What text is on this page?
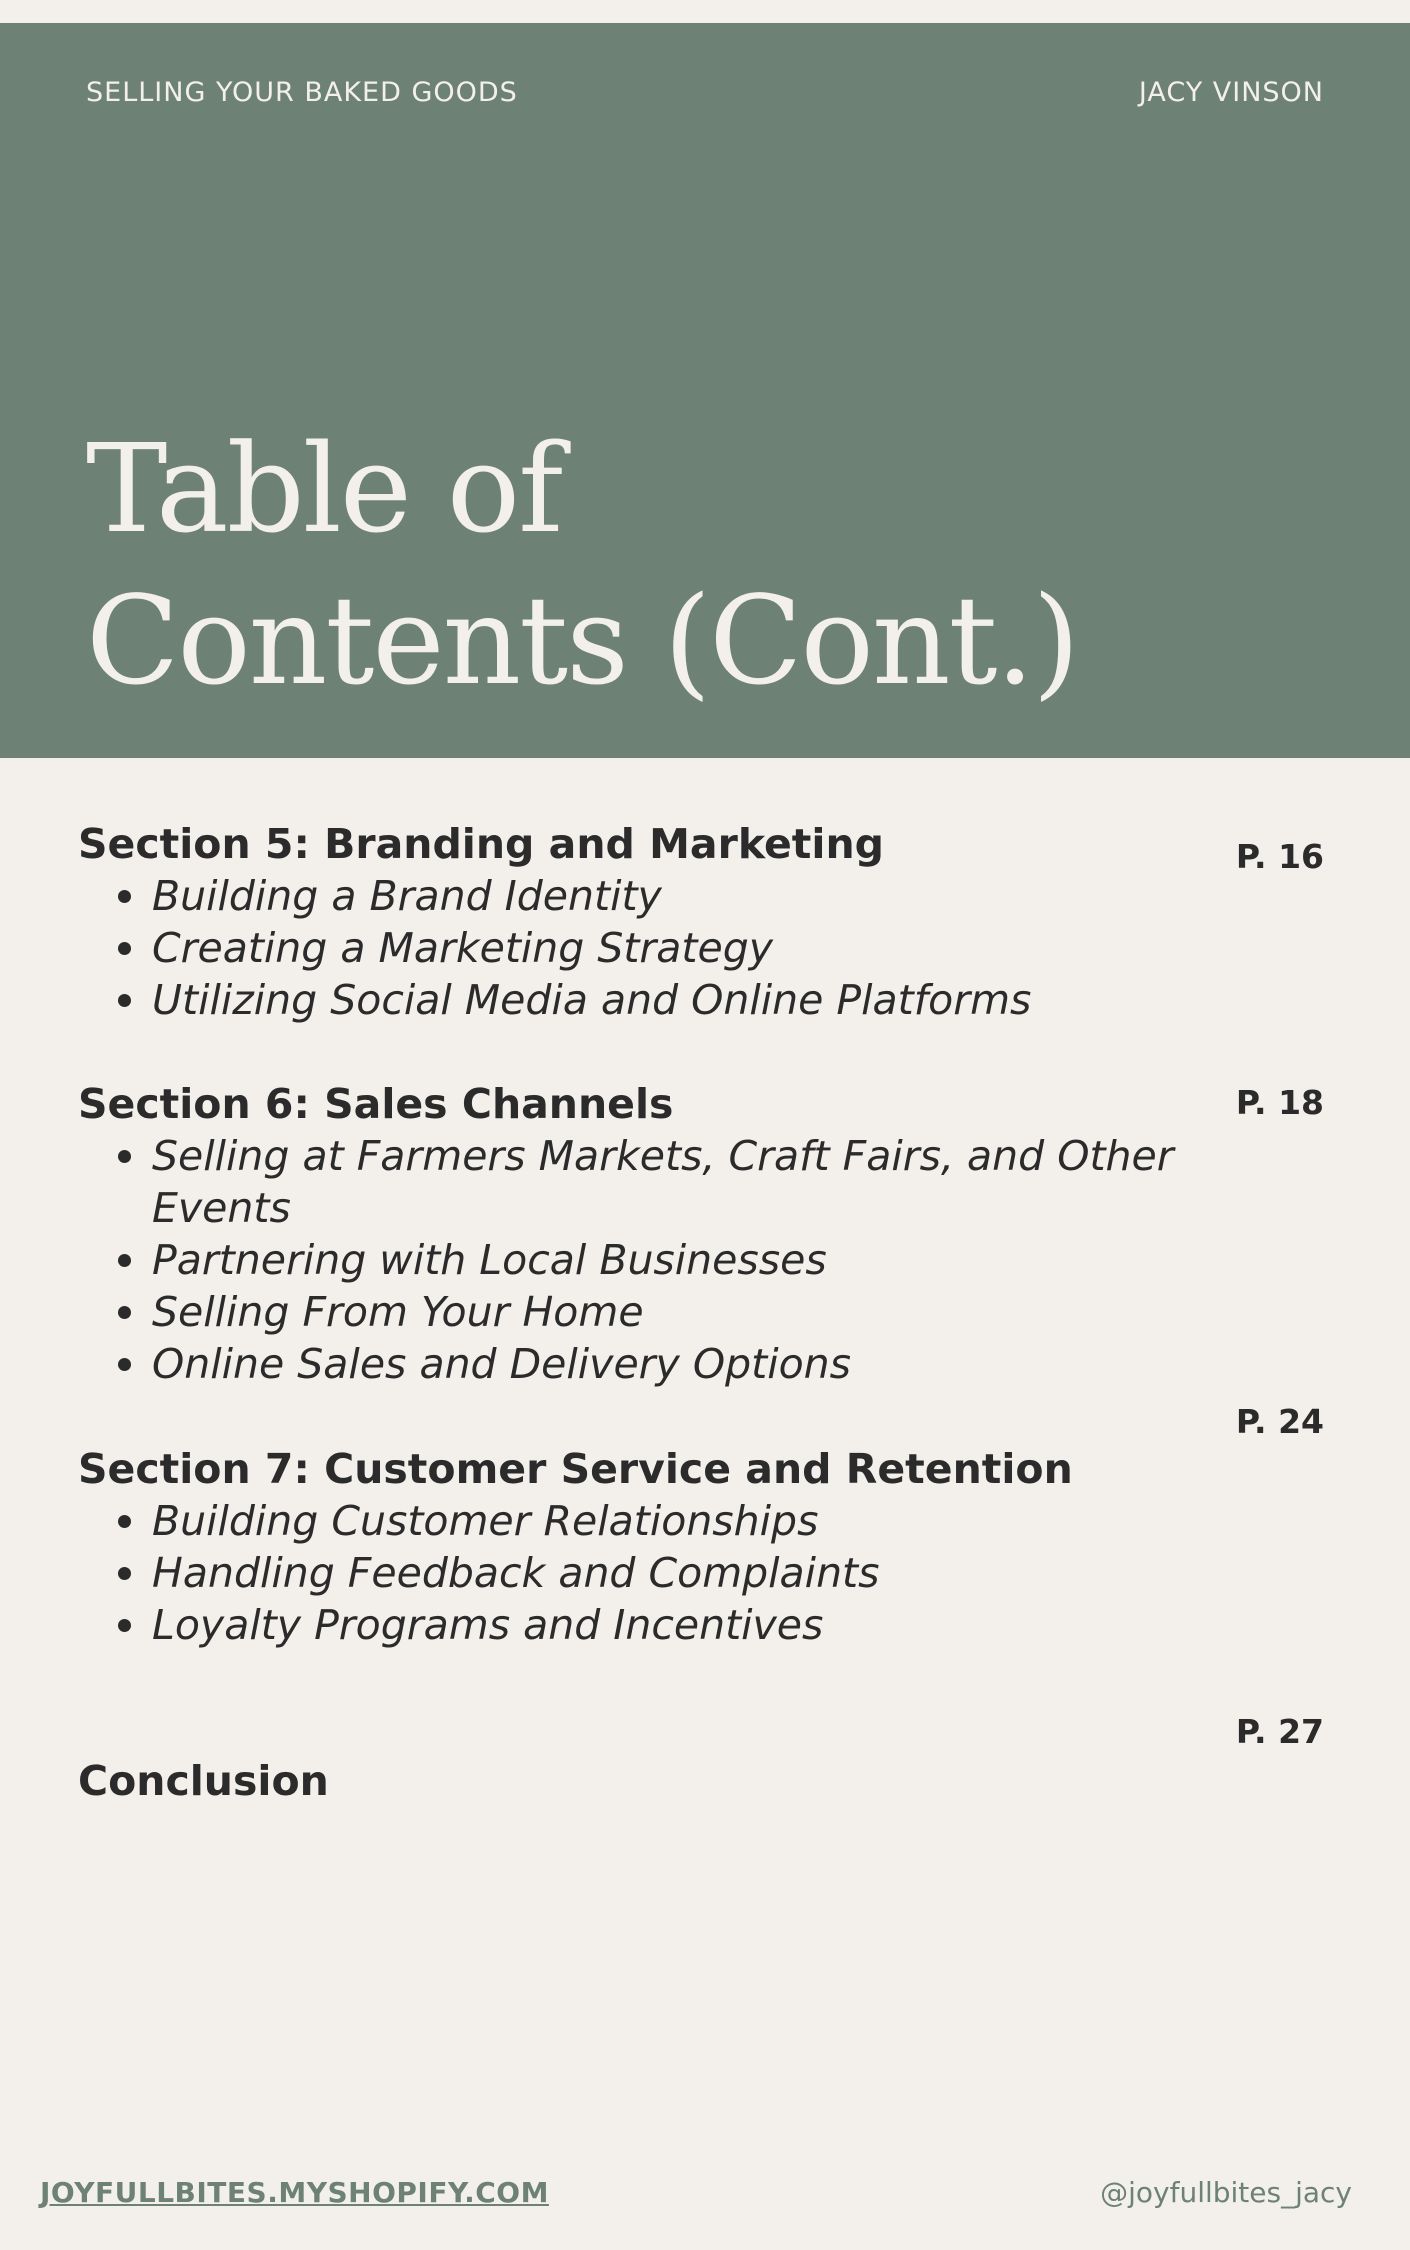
SELLING YOUR BAKED GOODS	JACY VINSON
Table of
Contents (Cont.)
Section 5: Branding and Marketing
Building a Brand Identity
Creating a Marketing Strategy
Utilizing Social Media and Online Platforms
P. 16
Section 6: Sales Channels
Selling at Farmers Markets, Craft Fairs, and Other Events
Partnering with Local Businesses
Selling From Your Home
Online Sales and Delivery Options
P. 18
Section 7: Customer Service and Retention
Building Customer Relationships
Handling Feedback and Complaints
Loyalty Programs and Incentives
P. 24
Conclusion
P. 27
JOYFULLBITES.MYSHOPIFY.COM	@joyfullbites_jacy
